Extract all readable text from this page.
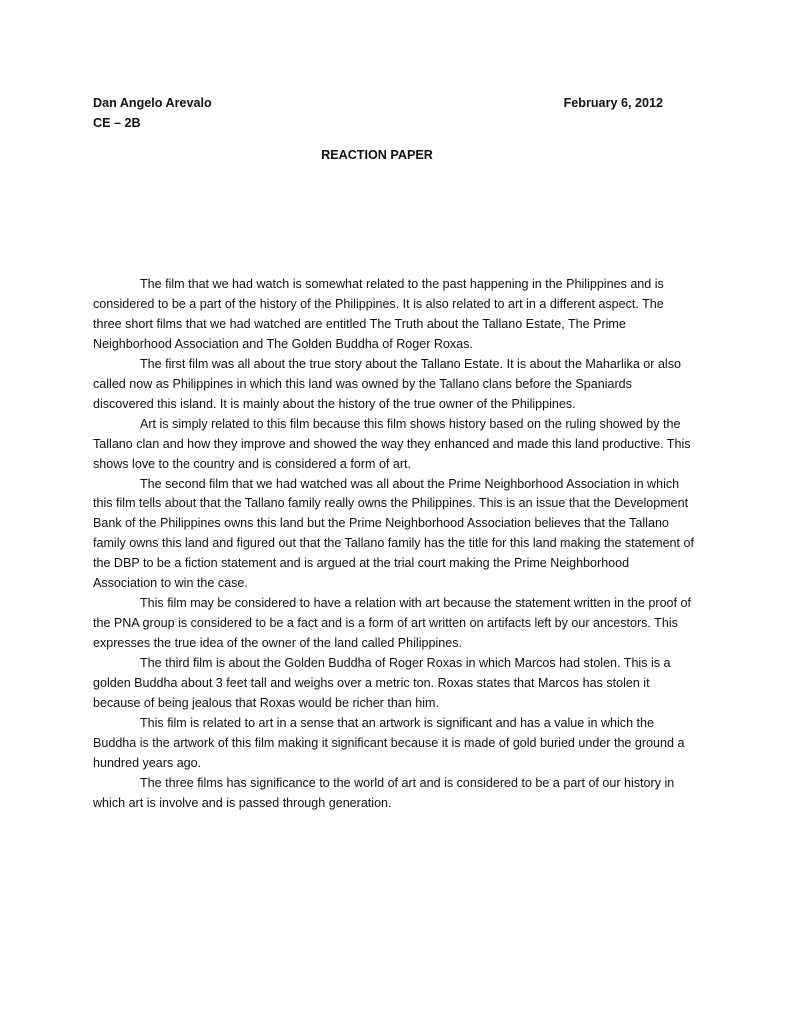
Dan Angelo Arevalo	February 6, 2012
CE – 2B
REACTION PAPER

The film that we had watch is somewhat related to the past happening in the Philippines and is considered to be a part of the history of the Philippines. It is also related to art in a different aspect. The three short films that we had watched are entitled The Truth about the Tallano Estate, The Prime Neighborhood Association and The Golden Buddha of Roger Roxas.

The first film was all about the true story about the Tallano Estate. It is about the Maharlika or also called now as Philippines in which this land was owned by the Tallano clans before the Spaniards discovered this island. It is mainly about the history of the true owner of the Philippines.

Art is simply related to this film because this film shows history based on the ruling showed by the Tallano clan and how they improve and showed the way they enhanced and made this land productive. This shows love to the country and is considered a form of art.

The second film that we had watched was all about the Prime Neighborhood Association in which this film tells about that the Tallano family really owns the Philippines. This is an issue that the Development Bank of the Philippines owns this land but the Prime Neighborhood Association believes that the Tallano family owns this land and figured out that the Tallano family has the title for this land making the statement of the DBP to be a fiction statement and is argued at the trial court making the Prime Neighborhood Association to win the case.

This film may be considered to have a relation with art because the statement written in the proof of the PNA group is considered to be a fact and is a form of art written on artifacts left by our ancestors. This expresses the true idea of the owner of the land called Philippines.

The third film is about the Golden Buddha of Roger Roxas in which Marcos had stolen. This is a golden Buddha about 3 feet tall and weighs over a metric ton. Roxas states that Marcos has stolen it because of being jealous that Roxas would be richer than him.

This film is related to art in a sense that an artwork is significant and has a value in which the Buddha is the artwork of this film making it significant because it is made of gold buried under the ground a hundred years ago.

The three films has significance to the world of art and is considered to be a part of our history in which art is involve and is passed through generation.
